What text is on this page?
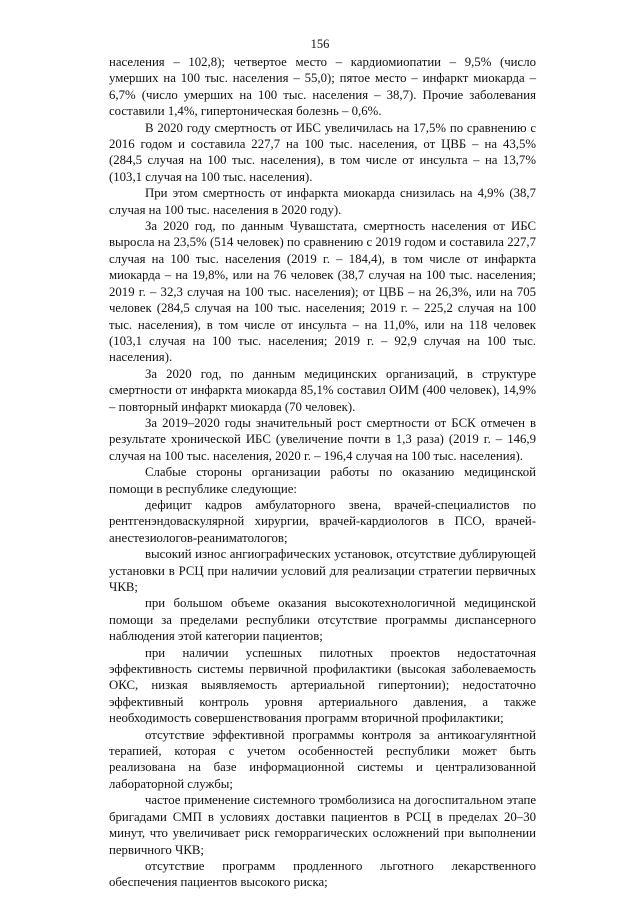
156

населения – 102,8); четвертое место – кардиомиопатии – 9,5% (число умерших на 100 тыс. населения – 55,0); пятое место – инфаркт миокарда – 6,7% (число умерших на 100 тыс. населения – 38,7). Прочие заболевания составили 1,4%, гипертоническая болезнь – 0,6%.

В 2020 году смертность от ИБС увеличилась на 17,5% по сравнению с 2016 годом и составила 227,7 на 100 тыс. населения, от ЦВБ – на 43,5% (284,5 случая на 100 тыс. населения), в том числе от инсульта – на 13,7% (103,1 случая на 100 тыс. населения).

При этом смертность от инфаркта миокарда снизилась на 4,9% (38,7 случая на 100 тыс. населения в 2020 году).

За 2020 год, по данным Чувашстата, смертность населения от ИБС выросла на 23,5% (514 человек) по сравнению с 2019 годом и составила 227,7 случая на 100 тыс. населения (2019 г. – 184,4), в том числе от инфаркта миокарда – на 19,8%, или на 76 человек (38,7 случая на 100 тыс. населения; 2019 г. – 32,3 случая на 100 тыс. населения); от ЦВБ – на 26,3%, или на 705 человек (284,5 случая на 100 тыс. населения; 2019 г. – 225,2 случая на 100 тыс. населения), в том числе от инсульта – на 11,0%, или на 118 человек (103,1 случая на 100 тыс. населения; 2019 г. – 92,9 случая на 100 тыс. населения).

За 2020 год, по данным медицинских организаций, в структуре смертности от инфаркта миокарда 85,1% составил ОИМ (400 человек), 14,9% – повторный инфаркт миокарда (70 человек).

За 2019–2020 годы значительный рост смертности от БСК отмечен в результате хронической ИБС (увеличение почти в 1,3 раза) (2019 г. – 146,9 случая на 100 тыс. населения, 2020 г. – 196,4 случая на 100 тыс. населения).

Слабые стороны организации работы по оказанию медицинской помощи в республике следующие:

дефицит кадров амбулаторного звена, врачей-специалистов по рентгенэндоваскулярной хирургии, врачей-кардиологов в ПСО, врачей-анестезиологов-реаниматологов;

высокий износ ангиографических установок, отсутствие дублирующей установки в РСЦ при наличии условий для реализации стратегии первичных ЧКВ;

при большом объеме оказания высокотехнологичной медицинской помощи за пределами республики отсутствие программы диспансерного наблюдения этой категории пациентов;

при наличии успешных пилотных проектов недостаточная эффективность системы первичной профилактики (высокая заболеваемость ОКС, низкая выявляемость артериальной гипертонии); недостаточно эффективный контроль уровня артериального давления, а также необходимость совершенствования программ вторичной профилактики;

отсутствие эффективной программы контроля за антикоагулянтной терапией, которая с учетом особенностей республики может быть реализована на базе информационной системы и централизованной лабораторной службы;

частое применение системного тромболизиса на догоспитальном этапе бригадами СМП в условиях доставки пациентов в РСЦ в пределах 20–30 минут, что увеличивает риск геморрагических осложнений при выполнении первичного ЧКВ;

отсутствие программ продленного льготного лекарственного обеспечения пациентов высокого риска;
